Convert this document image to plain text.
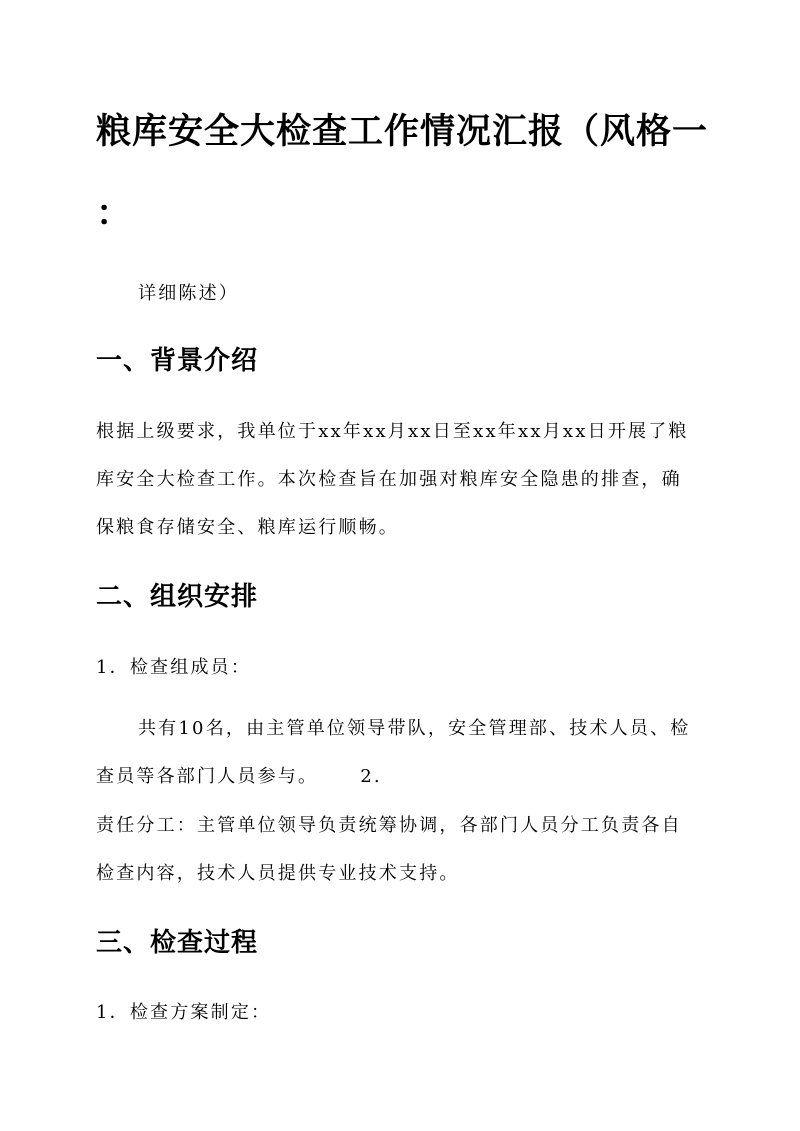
粮库安全大检查工作情况汇报（风格一
：
详细陈述）
一、背景介绍
根据上级要求，我单位于xx年xx月xx日至xx年xx月xx日开展了粮
库安全大检查工作。本次检查旨在加强对粮库安全隐患的排查，确
保粮食存储安全、粮库运行顺畅。
二、组织安排
1．检查组成员：
共有10名，由主管单位领导带队，安全管理部、技术人员、检
查员等各部门人员参与。 2.
责任分工：主管单位领导负责统筹协调，各部门人员分工负责各自
检查内容，技术人员提供专业技术支持。
三、检查过程
1．检查方案制定：
